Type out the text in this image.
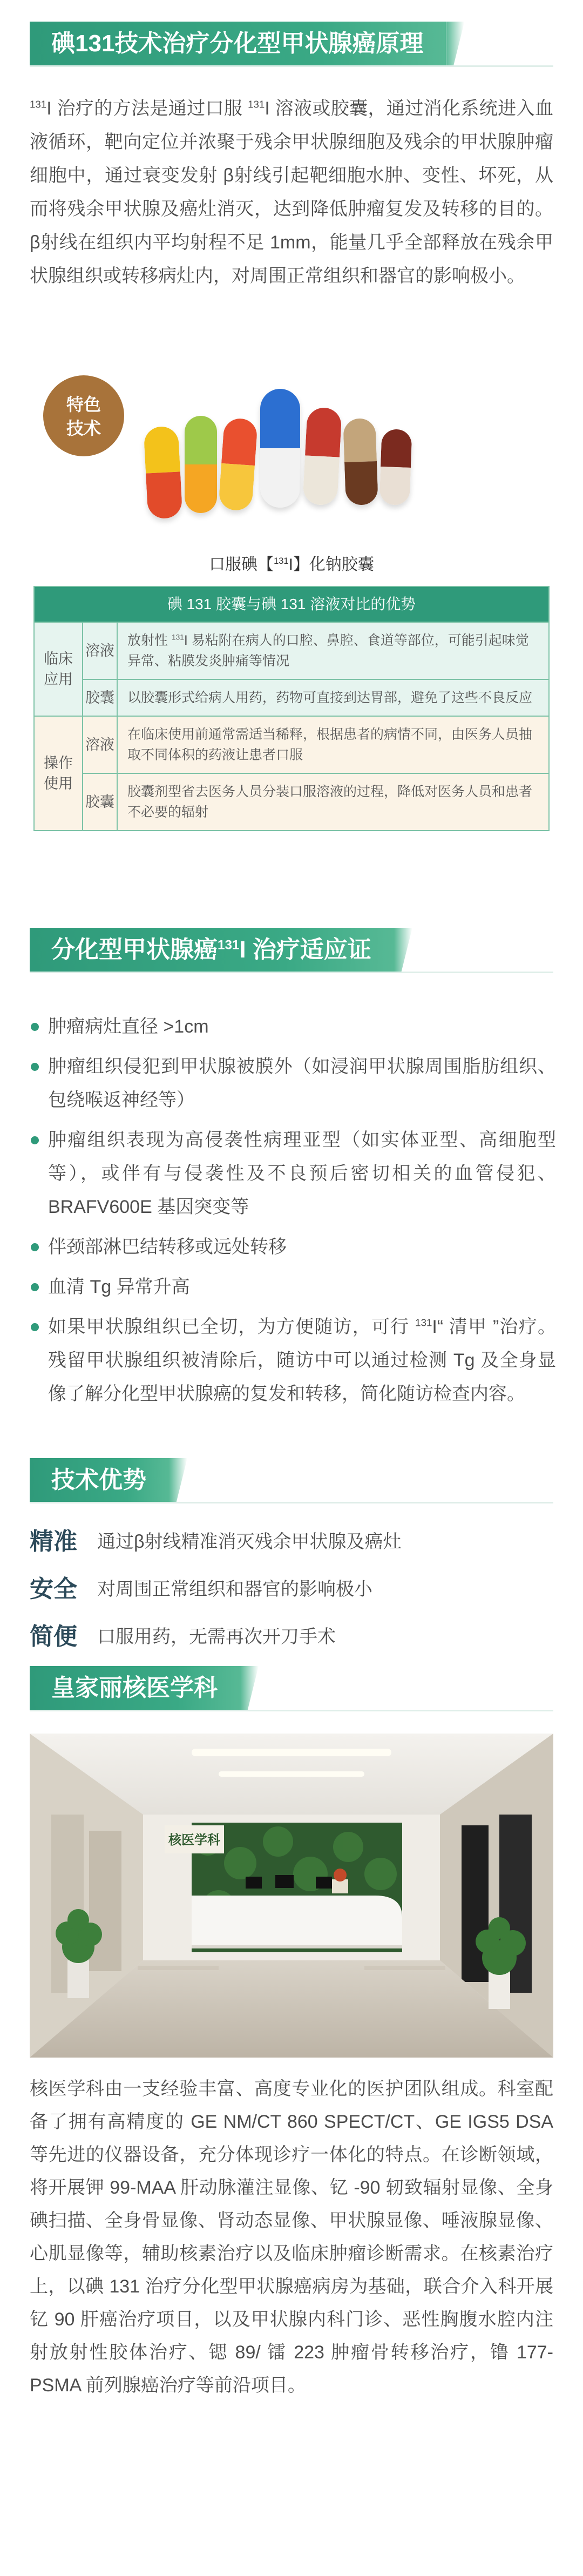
碘131技术治疗分化型甲状腺癌原理
$^{131}$I 治疗的方法是通过口服 $^{131}$I 溶液或胶囊，通过消化系统进入血液循环，靶向定位并浓聚于残余甲状腺细胞及残余的甲状腺肿瘤细胞中，通过衰变发射 β射线引起靶细胞水肿、变性、坏死，从而将残余甲状腺及癌灶消灭，达到降低肿瘤复发及转移的目的。β射线在组织内平均射程不足 1mm，能量几乎全部释放在残余甲状腺组织或转移病灶内，对周围正常组织和器官的影响极小。
特色
技术
口服碘【$^{131}$I】化钠胶囊
碘 131 胶囊与碘 131 溶液对比的优势
临床应用
溶液
放射性 $^{131}$I 易粘附在病人的口腔、鼻腔、食道等部位，可能引起味觉异常、粘膜发炎肿痛等情况
胶囊 以胶囊形式给病人用药，药物可直接到达胃部，避免了这些不良反应
操作使用
溶液
在临床使用前通常需适当稀释，根据患者的病情不同，由医务人员抽取不同体积的药液让患者口服
胶囊
胶囊剂型省去医务人员分装口服溶液的过程，降低对医务人员和患者不必要的辐射
分化型甲状腺癌$^{131}$I 治疗适应证
肿瘤病灶直径 >1cm
肿瘤组织侵犯到甲状腺被膜外（如浸润甲状腺周围脂肪组织、包绕喉返神经等）
肿瘤组织表现为高侵袭性病理亚型（如实体亚型、高细胞型等），或伴有与侵袭性及不良预后密切相关的血管侵犯、BRAFV600E 基因突变等
伴颈部淋巴结转移或远处转移
血清 Tg 异常升高
如果甲状腺组织已全切，为方便随访，可行 $^{131}$I“ 清甲 ”治疗。残留甲状腺组织被清除后，随访中可以通过检测 Tg 及全身显像了解分化型甲状腺癌的复发和转移，简化随访检查内容。
技术优势
精准 通过β射线精准消灭残余甲状腺及癌灶
安全 对周围正常组织和器官的影响极小
简便 口服用药，无需再次开刀手术
皇家丽核医学科
核医学科
核医学科由一支经验丰富、高度专业化的医护团队组成。科室配备了拥有高精度的 GE NM/CT 860 SPECT/CT、GE IGS5 DSA 等先进的仪器设备，充分体现诊疗一体化的特点。在诊断领域，将开展钾 99-MAA 肝动脉灌注显像、钇 -90 轫致辐射显像、全身碘扫描、全身骨显像、肾动态显像、甲状腺显像、唾液腺显像、心肌显像等，辅助核素治疗以及临床肿瘤诊断需求。在核素治疗上，以碘 131 治疗分化型甲状腺癌病房为基础，联合介入科开展钇 90 肝癌治疗项目，以及甲状腺内科门诊、恶性胸腹水腔内注射放射性胶体治疗、锶 89/ 镭 223 肿瘤骨转移治疗，镥 177-PSMA 前列腺癌治疗等前沿项目。
